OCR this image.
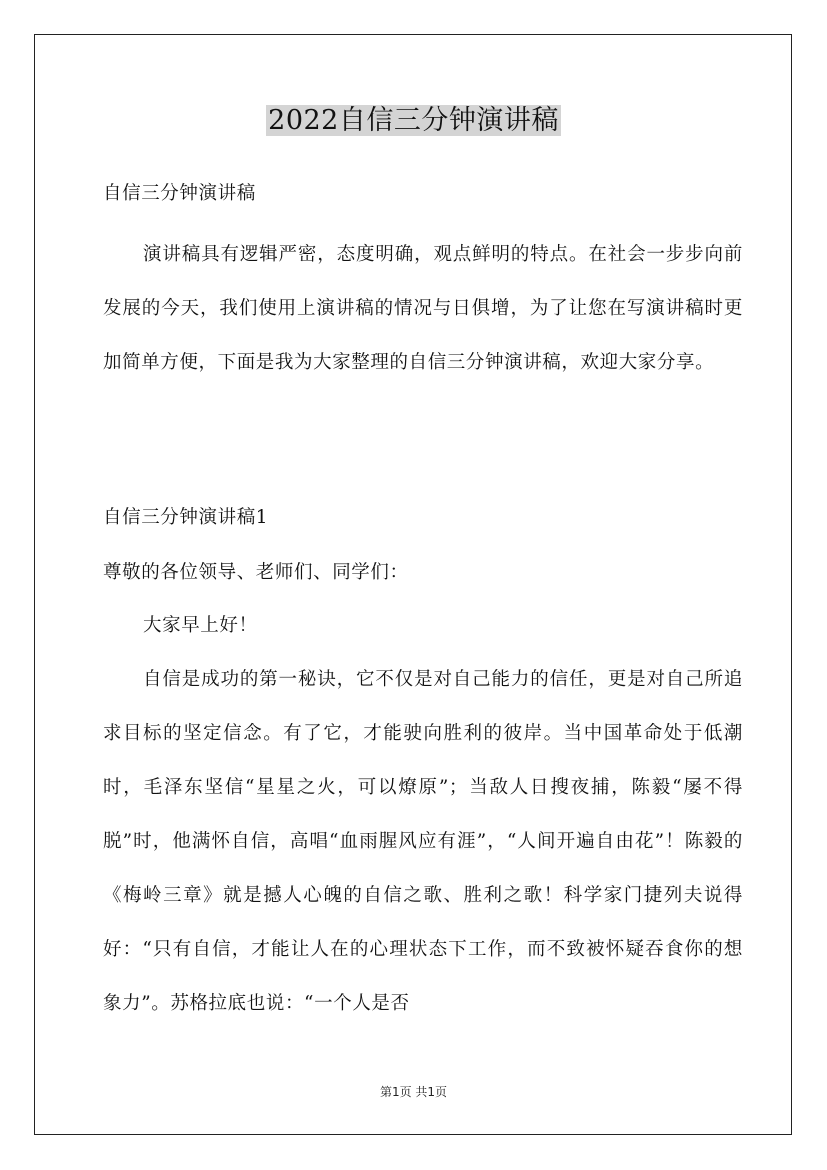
2022自信三分钟演讲稿
自信三分钟演讲稿

演讲稿具有逻辑严密，态度明确，观点鲜明的特点。在社会一步步向前发展的今天，我们使用上演讲稿的情况与日俱增，为了让您在写演讲稿时更加简单方便，下面是我为大家整理的自信三分钟演讲稿，欢迎大家分享。

自信三分钟演讲稿1
尊敬的各位领导、老师们、同学们：
大家早上好！

自信是成功的第一秘诀，它不仅是对自己能力的信任，更是对自己所追求目标的坚定信念。有了它，才能驶向胜利的彼岸。当中国革命处于低潮时，毛泽东坚信“星星之火，可以燎原”；当敌人日搜夜捕，陈毅“屡不得脱”时，他满怀自信，高唱“血雨腥风应有涯”，“人间开遍自由花”！陈毅的《梅岭三章》就是撼人心魄的自信之歌、胜利之歌！科学家门捷列夫说得好：“只有自信，才能让人在的心理状态下工作，而不致被怀疑吞食你的想象力”。苏格拉底也说：“一个人是否

第1页 共1页
